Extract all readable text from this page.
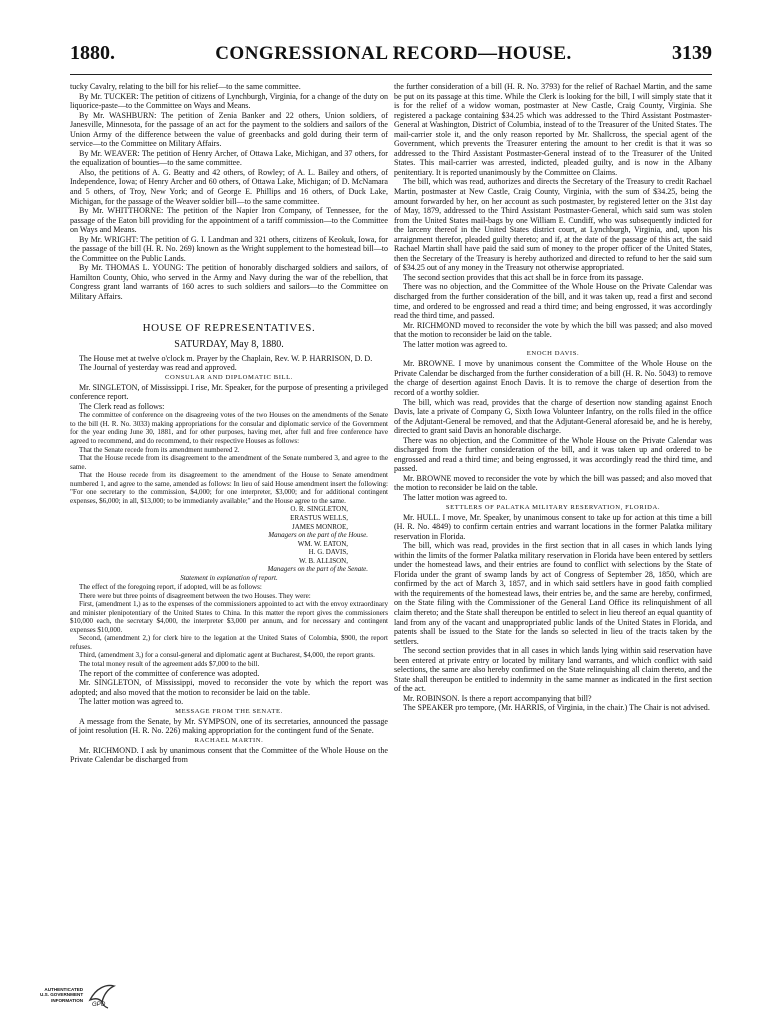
1880.	CONGRESSIONAL RECORD—HOUSE.	3139

tucky Cavalry, relating to the bill for his relief—to the same committee.

By Mr. TUCKER: The petition of citizens of Lynchburgh, Virginia, for a change of the duty on liquorice-paste—to the Committee on Ways and Means.

By Mr. WASHBURN: The petition of Zenia Banker and 22 others, Union soldiers, of Janesville, Minnesota, for the passage of an act for the payment to the soldiers and sailors of the Union Army of the difference between the value of greenbacks and gold during their term of service—to the Committee on Military Affairs.

By Mr. WEAVER: The petition of Henry Archer, of Ottawa Lake, Michigan, and 37 others, for the equalization of bounties—to the same committee.

Also, the petitions of A. G. Beatty and 42 others, of Rowley; of A. L. Bailey and others, of Independence, Iowa; of Henry Archer and 60 others, of Ottawa Lake, Michigan; of D. McNamara and 5 others, of Troy, New York; and of George E. Phillips and 16 others, of Duck Lake, Michigan, for the passage of the Weaver soldier bill—to the same committee.

By Mr. WHITTHORNE: The petition of the Napier Iron Company, of Tennessee, for the passage of the Eaton bill providing for the appointment of a tariff commission—to the Committee on Ways and Means.

By Mr. WRIGHT: The petition of G. I. Landman and 321 others, citizens of Keokuk, Iowa, for the passage of the bill (H. R. No. 269) known as the Wright supplement to the homestead bill—to the Committee on the Public Lands.

By Mr. THOMAS L. YOUNG: The petition of honorably discharged soldiers and sailors, of Hamilton County, Ohio, who served in the Army and Navy during the war of the rebellion, that Congress grant land warrants of 160 acres to such soldiers and sailors—to the Committee on Military Affairs.

HOUSE OF REPRESENTATIVES.
SATURDAY, May 8, 1880.

The House met at twelve o'clock m. Prayer by the Chaplain, Rev. W. P. HARRISON, D. D.

The Journal of yesterday was read and approved.

CONSULAR AND DIPLOMATIC BILL.

Mr. SINGLETON, of Mississippi. I rise, Mr. Speaker, for the purpose of presenting a privileged conference report.

The Clerk read as follows:

The committee of conference on the disagreeing votes of the two Houses on the amendments of the Senate to the bill (H. R. No. 3033) making appropriations for the consular and diplomatic service of the Government for the year ending June 30, 1881, and for other purposes, having met, after full and free conference have agreed to recommend, and do recommend, to their respective Houses as follows:

That the Senate recede from its amendment numbered 2.

That the House recede from its disagreement to the amendment of the Senate numbered 3, and agree to the same.

That the House recede from its disagreement to the amendment of the House to Senate amendment numbered 1, and agree to the same, amended as follows: In lieu of said House amendment insert the following: "For one secretary to the commission, $4,000; for one interpreter, $3,000; and for additional contingent expenses, $6,000; in all, $13,000; to be immediately available;" and the House agree to the same.

O. R. SINGLETON,
ERASTUS WELLS,
JAMES MONROE,
Managers on the part of the House.
WM. W. EATON,
H. G. DAVIS,
W. B. ALLISON,
Managers on the part of the Senate.
Statement in explanation of report.

The effect of the foregoing report, if adopted, will be as follows:

There were but three points of disagreement between the two Houses. They were:

First, (amendment 1,) as to the expenses of the commissioners appointed to act with the envoy extraordinary and minister plenipotentiary of the United States to China. In this matter the report gives the commissioners $10,000 each, the secretary $4,000, the interpreter $3,000 per annum, and for necessary and contingent expenses $10,000.

Second, (amendment 2,) for clerk hire to the legation at the United States of Colombia, $900, the report refuses.

Third, (amendment 3,) for a consul-general and diplomatic agent at Bucharest, $4,000, the report grants.

The total money result of the agreement adds $7,000 to the bill.

The report of the committee of conference was adopted.

Mr. SINGLETON, of Mississippi, moved to reconsider the vote by which the report was adopted; and also moved that the motion to reconsider be laid on the table.

The latter motion was agreed to.

MESSAGE FROM THE SENATE.

A message from the Senate, by Mr. SYMPSON, one of its secretaries, announced the passage of joint resolution (H. R. No. 226) making appropriation for the contingent fund of the Senate.

RACHAEL MARTIN.

Mr. RICHMOND. I ask by unanimous consent that the Committee of the Whole House on the Private Calendar be discharged from

the further consideration of a bill (H. R. No. 3793) for the relief of Rachael Martin, and the same be put on its passage at this time. While the Clerk is looking for the bill, I will simply state that it is for the relief of a widow woman, postmaster at New Castle, Craig County, Virginia. She registered a package containing $34.25 which was addressed to the Third Assistant Postmaster-General at Washington, District of Columbia, instead of to the Treasurer of the United States. The mail-carrier stole it, and the only reason reported by Mr. Shallcross, the special agent of the Government, which prevents the Treasurer entering the amount to her credit is that it was so addressed to the Third Assistant Postmaster-General instead of to the Treasurer of the United States. This mail-carrier was arrested, indicted, pleaded guilty, and is now in the Albany penitentiary. It is reported unanimously by the Committee on Claims.

The bill, which was read, authorizes and directs the Secretary of the Treasury to credit Rachael Martin, postmaster at New Castle, Craig County, Virginia, with the sum of $34.25, being the amount forwarded by her, on her account as such postmaster, by registered letter on the 31st day of May, 1879, addressed to the Third Assistant Postmaster-General, which said sum was stolen from the United States mail-bags by one William E. Cundiff, who was subsequently indicted for the larceny thereof in the United States district court, at Lynchburgh, Virginia, and, upon his arraignment therefor, pleaded guilty thereto; and if, at the date of the passage of this act, the said Rachael Martin shall have paid the said sum of money to the proper officer of the United States, then the Secretary of the Treasury is hereby authorized and directed to refund to her the said sum of $34.25 out of any money in the Treasury not otherwise appropriated.

The second section provides that this act shall be in force from its passage.

There was no objection, and the Committee of the Whole House on the Private Calendar was discharged from the further consideration of the bill, and it was taken up, read a first and second time, and ordered to be engrossed and read a third time; and being engrossed, it was accordingly read the third time, and passed.

Mr. RICHMOND moved to reconsider the vote by which the bill was passed; and also moved that the motion to reconsider be laid on the table.

The latter motion was agreed to.

ENOCH DAVIS.

Mr. BROWNE. I move by unanimous consent the Committee of the Whole House on the Private Calendar be discharged from the further consideration of a bill (H. R. No. 5043) to remove the charge of desertion against Enoch Davis. It is to remove the charge of desertion from the record of a worthy soldier.

The bill, which was read, provides that the charge of desertion now standing against Enoch Davis, late a private of Company G, Sixth Iowa Volunteer Infantry, on the rolls filed in the office of the Adjutant-General be removed, and that the Adjutant-General aforesaid be, and he is hereby, directed to grant said Davis an honorable discharge.

There was no objection, and the Committee of the Whole House on the Private Calendar was discharged from the further consideration of the bill, and it was taken up and ordered to be engrossed and read a third time; and being engrossed, it was accordingly read the third time, and passed.

Mr. BROWNE moved to reconsider the vote by which the bill was passed; and also moved that the motion to reconsider be laid on the table.

The latter motion was agreed to.

SETTLERS OF PALATKA MILITARY RESERVATION, FLORIDA.

Mr. HULL. I move, Mr. Speaker, by unanimous consent to take up for action at this time a bill (H. R. No. 4849) to confirm certain entries and warrant locations in the former Palatka military reservation in Florida.

The bill, which was read, provides in the first section that in all cases in which lands lying within the limits of the former Palatka military reservation in Florida have been entered by settlers under the homestead laws, and their entries are found to conflict with selections by the State of Florida under the grant of swamp lands by act of Congress of September 28, 1850, which are confirmed by the act of March 3, 1857, and in which said settlers have in good faith complied with the requirements of the homestead laws, their entries be, and the same are hereby, confirmed, on the State filing with the Commissioner of the General Land Office its relinquishment of all claim thereto; and the State shall thereupon be entitled to select in lieu thereof an equal quantity of land from any of the vacant and unappropriated public lands of the United States in Florida, and patents shall be issued to the State for the lands so selected in lieu of the tracts taken by the settlers.

The second section provides that in all cases in which lands lying within said reservation have been entered at private entry or located by military land warrants, and which conflict with said selections, the same are also hereby confirmed on the State relinquishing all claim thereto, and the State shall thereupon be entitled to indemnity in the same manner as indicated in the first section of the act.

Mr. ROBINSON. Is there a report accompanying that bill?

The SPEAKER pro tempore, (Mr. HARRIS, of Virginia, in the chair.) The Chair is not advised.

AUTHENTICATED
U.S. GOVERNMENT
INFORMATION
GPO
